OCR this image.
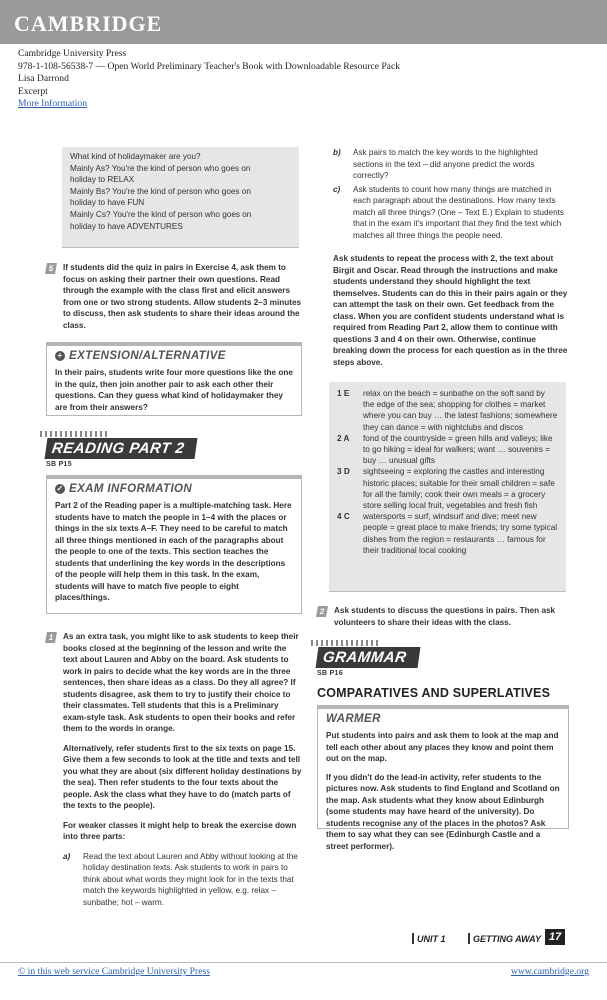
CAMBRIDGE
Cambridge University Press
978-1-108-56538-7 — Open World Preliminary Teacher's Book with Downloadable Resource Pack
Lisa Darrond
Excerpt
More Information
What kind of holidaymaker are you?
Mainly As? You're the kind of person who goes on
holiday to RELAX
Mainly Bs? You're the kind of person who goes on
holiday to have FUN
Mainly Cs? You're the kind of person who goes on
holiday to have ADVENTURES
5	If students did the quiz in pairs in Exercise 4, ask them to focus on asking their partner their own questions. Read through the example with the class first and elicit answers from one or two strong students. Allow students 2–3 minutes to discuss, then ask students to share their ideas around the class.

+ EXTENSION/ALTERNATIVE

In their pairs, students write four more questions like the one in the quiz, then join another pair to ask each other their questions. Can they guess what kind of holidaymaker they are from their answers?

READING PART 2
SB P15
✓ EXAM INFORMATION

Part 2 of the Reading paper is a multiple-matching task. Here students have to match the people in 1–4 with the places or things in the six texts A–F. They need to be careful to match all three things mentioned in each of the paragraphs about the people to one of the texts. This section teaches the students that underlining the key words in the descriptions of the people will help them in this task. In the exam, students will have to match five people to eight places/things.

1	As an extra task, you might like to ask students to keep their books closed at the beginning of the lesson and write the text about Lauren and Abby on the board. Ask students to work in pairs to decide what the key words are in the three sentences, then share ideas as a class. Do they all agree? If students disagree, ask them to try to justify their choice to their classmates. Tell students that this is a Preliminary exam-style task. Ask students to open their books and refer them to the words in orange.

Alternatively, refer students first to the six texts on page 15. Give them a few seconds to look at the title and texts and tell you what they are about (six different holiday destinations by the sea). Then refer students to the four texts about the people. Ask the class what they have to do (match parts of the texts to the people).

For weaker classes it might help to break the exercise down into three parts:

a)	Read the text about Lauren and Abby without looking at the holiday destination texts. Ask students to work in pairs to think about what words they might look for in the texts that match the keywords highlighted in yellow, e.g. relax – sunbathe; hot – warm.
b) Ask pairs to match the key words to the highlighted sections in the text – did anyone predict the words correctly?
c)	Ask students to count how many things are matched in each paragraph about the destinations. How many texts match all three things? (One – Text E.) Explain to students that in the exam it's important that they find the text which matches all three things the people need.
Ask students to repeat the process with 2, the text about Birgit and Oscar. Read through the instructions and make students understand they should highlight the text themselves. Students can do this in their pairs again or they can attempt the task on their own. Get feedback from the class. When you are confident students understand what is required from Reading Part 2, allow them to continue with questions 3 and 4 on their own. Otherwise, continue breaking down the process for each question as in the three steps above.
1 E	relax on the beach = sunbathe on the soft sand by the edge of the sea; shopping for clothes = market where you can buy … the latest fashions; somewhere they can dance = with nightclubs and discos
2 A	fond of the countryside = green hills and valleys; like to go hiking = ideal for walkers; want … souvenirs = buy … unusual gifts
3 D	sightseeing = exploring the castles and interesting historic places; suitable for their small children = safe for all the family; cook their own meals = a grocery store selling local fruit, vegetables and fresh fish
4 C	watersports = surf, windsurf and dive; meet new people = great place to make friends; try some typical dishes from the region = restaurants … famous for their traditional local cooking
2	Ask students to discuss the questions in pairs. Then ask volunteers to share their ideas with the class.

GRAMMAR
SB P16
COMPARATIVES AND SUPERLATIVES
WARMER

Put students into pairs and ask them to look at the map and tell each other about any places they know and point them out on the map.

If you didn't do the lead-in activity, refer students to the pictures now. Ask students to find England and Scotland on the map. Ask students what they know about Edinburgh (some students may have heard of the university). Do students recognise any of the places in the photos? Ask them to say what they can see (Edinburgh Castle and a street performer).

UNIT 1	GETTING AWAY 17
© in this web service Cambridge University Press	www.cambridge.org
